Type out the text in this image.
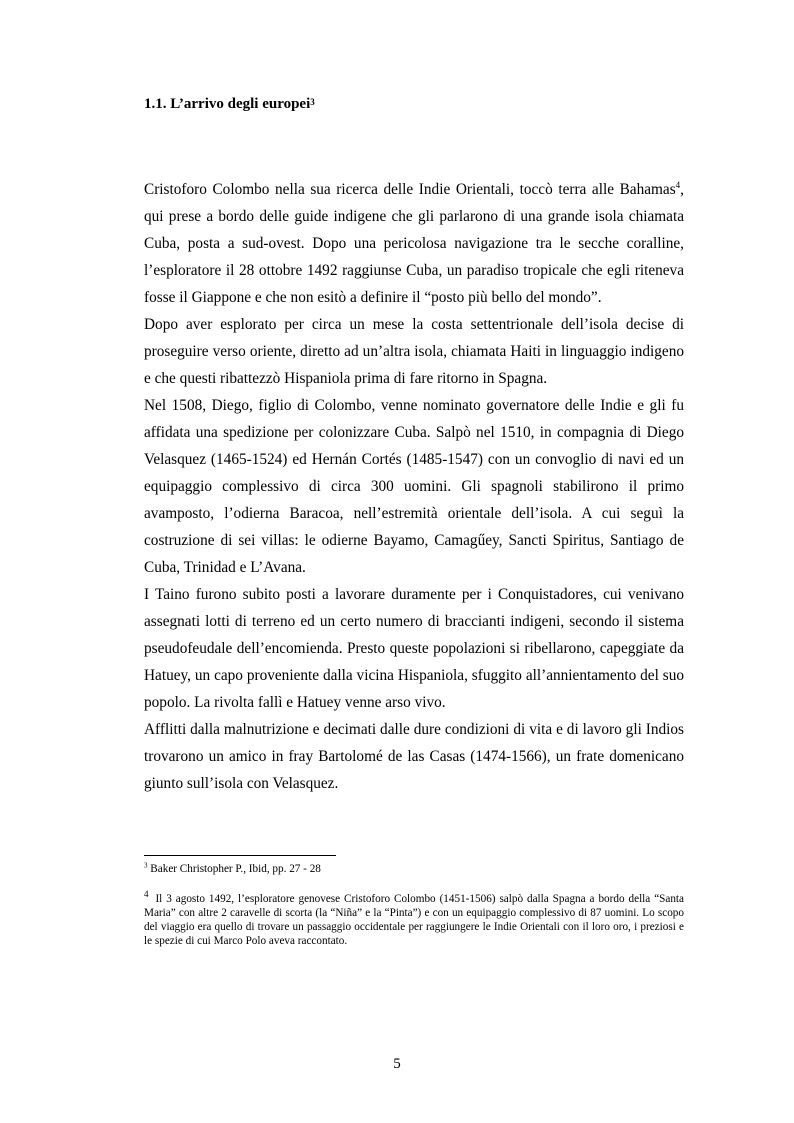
1.1. L’arrivo degli europei$^3$

Cristoforo Colombo nella sua ricerca delle Indie Orientali, toccò terra alle Bahamas$^4$, qui prese a bordo delle guide indigene che gli parlarono di una grande isola chiamata Cuba, posta a sud-ovest. Dopo una pericolosa navigazione tra le secche coralline, l’esploratore il 28 ottobre 1492 raggiunse Cuba, un paradiso tropicale che egli riteneva fosse il Giappone e che non esitò a definire il “posto più bello del mondo”.

Dopo aver esplorato per circa un mese la costa settentrionale dell’isola decise di proseguire verso oriente, diretto ad un’altra isola, chiamata Haiti in linguaggio indigeno e che questi ribattezzò Hispaniola prima di fare ritorno in Spagna.

Nel 1508, Diego, figlio di Colombo, venne nominato governatore delle Indie e gli fu affidata una spedizione per colonizzare Cuba. Salpò nel 1510, in compagnia di Diego Velasquez (1465-1524) ed Hernán Cortés (1485-1547) con un convoglio di navi ed un equipaggio complessivo di circa 300 uomini. Gli spagnoli stabilirono il primo avamposto, l’odierna Baracoa, nell’estremità orientale dell’isola. A cui seguì la costruzione di sei villas: le odierne Bayamo, Camagűey, Sancti Spiritus, Santiago de Cuba, Trinidad e L’Avana.

I Taino furono subito posti a lavorare duramente per i Conquistadores, cui venivano assegnati lotti di terreno ed un certo numero di braccianti indigeni, secondo il sistema pseudofeudale dell’encomienda. Presto queste popolazioni si ribellarono, capeggiate da Hatuey, un capo proveniente dalla vicina Hispaniola, sfuggito all’annientamento del suo popolo. La rivolta fallì e Hatuey venne arso vivo.

Afflitti dalla malnutrizione e decimati dalle dure condizioni di vita e di lavoro gli Indios trovarono un amico in fray Bartolomé de las Casas (1474-1566), un frate domenicano giunto sull’isola con Velasquez.

$^3$ Baker Christopher P., Ibid, pp. 27 - 28

$^4$ Il 3 agosto 1492, l’esploratore genovese Cristoforo Colombo (1451-1506) salpò dalla Spagna a bordo della “Santa Maria” con altre 2 caravelle di scorta (la “Niña” e la “Pinta”) e con un equipaggio complessivo di 87 uomini. Lo scopo del viaggio era quello di trovare un passaggio occidentale per raggiungere le Indie Orientali con il loro oro, i preziosi e le spezie di cui Marco Polo aveva raccontato.

5
